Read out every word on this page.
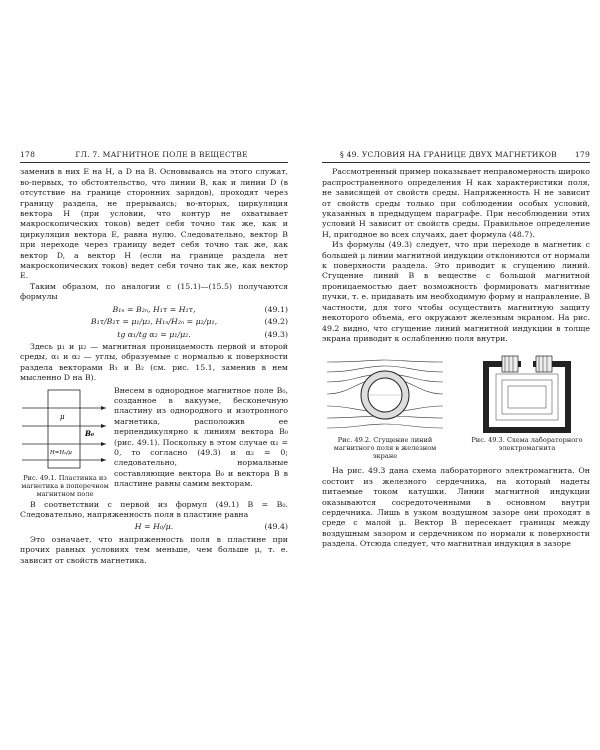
178	ГЛ. 7. МАГНИТНОЕ ПОЛЕ В ВЕЩЕСТВЕ

заменив в них E на H, а D на B. Основываясь на этого служат, во-первых, то обстоятельство, что линии B, как и линии D (в отсутствие на границе сторонних зарядов), проходят через границу раздела, не прерываясь; во-вторых, циркуляция вектора H (при условии, что контур не охватывает макроскопических токов) ведет себя точно так же, как и циркуляция вектора E, равна нулю. Следовательно, вектор B при переходе через границу ведет себя точно так же, как вектор D, а вектор H (если на границе раздела нет макроскопических токов) ведет себя точно так же, как вектор E.

Таким образом, по аналогии с (15.1)—(15.5) получаются формулы

B₁ₙ = B₂ₙ, H₁τ = H₂τ,	(49.1)
B₁τ/B₂τ = μ₁/μ₂, H₁ₙ/H₂ₙ = μ₂/μ₁,	(49.2)
tg α₁/tg α₂ = μ₁/μ₂.	(49.3)

Здесь μ₁ и μ₂ — магнитная проницаемость первой и второй среды, α₁ и α₂ — углы, образуемые с нормалью к поверхности раздела векторами B₁ и B₂ (см. рис. 15.1, заменив в нем мысленно D на B).

μ
B₀
H=H₀/μ
Рис. 49.1. Пластинка из магнетика в поперечном магнитном поле

Внесем в однородное магнитное поле B₀, созданное в вакууме, бесконечную пластину из однородного и изотропного магнетика, расположив ее перпендикулярно к линиям вектора B₀ (рис. 49.1). Поскольку в этом случае α₁ = 0, то согласно (49.3) и α₂ = 0; следовательно, нормальные составляющие вектора B₀ и вектора B в пластине равны самим векторам.

В соответствии с первой из формул (49.1) B = B₀. Следовательно, напряженность поля в пластине равна

H = H₀/μ.	(49.4)

Это означает, что напряженность поля в пластине при прочих равных условиях тем меньше, чем больше μ, т. е. зависит от свойств магнетика.

§ 49. УСЛОВИЯ НА ГРАНИЦЕ ДВУХ МАГНЕТИКОВ 179

Рассмотренный пример показывает неправомерность широко распространенного определения H как характеристики поля, не зависящей от свойств среды. Напряженность H не зависит от свойств среды только при соблюдении особых условий, указанных в предыдущем параграфе. При несоблюдении этих условий H зависит от свойств среды. Правильное определение H, пригодное во всех случаях, дает формула (48.7).

Из формулы (49.3) следует, что при переходе в магнетик с большей μ линии магнитной индукции отклоняются от нормали к поверхности раздела. Это приводит к сгущению линий. Сгущение линий B в веществе с большой магнитной проницаемостью дает возможность формировать магнитные пучки, т. е. придавать им необходимую форму и направление. В частности, для того чтобы осуществить магнитную защиту некоторого объема, его окружают железным экраном. На рис. 49.2 видно, что сгущение линий магнитной индукции в толще экрана приводит к ослабленню поля внутри.

Рис. 49.2. Сгущение линий магнитного поля в железном экране
Рис. 49.3. Схема лабораторного электромагнита

На рис. 49.3 дана схема лабораторного электромагнита. Он состоит из железного сердечника, на который надеты питаемые током катушки. Линии магнитной индукции оказываются сосредоточенными в основном внутри сердечника. Лишь в узком воздушном зазоре они проходят в среде с малой μ. Вектор B пересекает границы между воздушным зазором и сердечником по нормали к поверхности раздела. Отсюда следует, что магнитная индукция в зазоре
